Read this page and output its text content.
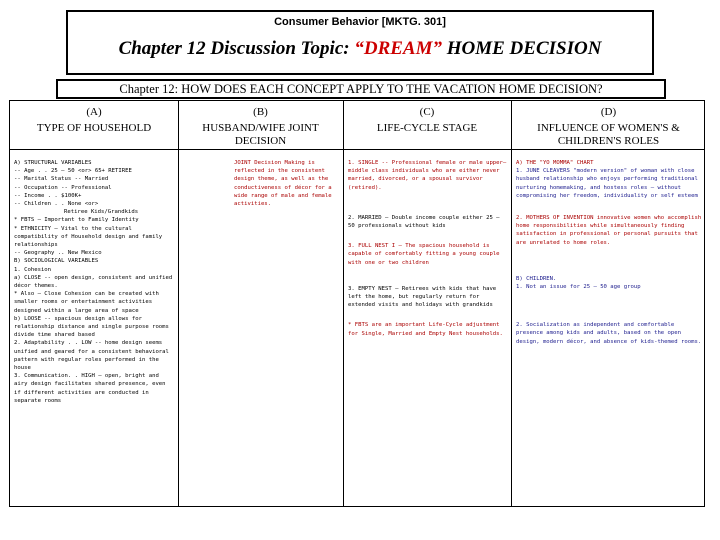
Consumer Behavior [MKTG. 301]
Chapter 12 Discussion Topic: “DREAM” HOME DECISION
Chapter 12: HOW DOES EACH CONCEPT APPLY TO THE VACATION HOME DECISION?
(A)
TYPE OF HOUSEHOLD
(B)
HUSBAND/WIFE JOINT DECISION
(C)
LIFE-CYCLE STAGE
(D)
INFLUENCE OF WOMEN'S & CHILDREN'S ROLES

A) STRUCTURAL VARIABLES

-- Age . . 25 – 50 <or> 65+ RETIREE

-- Marital Status -- Married

-- Occupation -- Professional

-- Income . . $100K+

-- Children . . None <or>

Retiree Kids/Grandkids

* FBTS – Important to Family Identity

* ETHNICITY – Vital to the cultural compatibility of Household design and family relationships

-- Geography .. New Mexico

B) SOCIOLOGICAL VARIABLES

1. Cohesion

a) CLOSE -- open design, consistent and unified décor themes.

* Also – Close Cohesion can be created with smaller rooms or entertainment activities designed within a large area of space

b) LOOSE -- spacious design allows for relationship distance and single purpose rooms divide time shared based

2. Adaptability . . LOW -- home design seems unified and geared for a consistent behavioral pattern with regular roles performed in the house

3. Communication. . HIGH – open, bright and airy design facilitates shared presence, even if different activities are conducted in separate rooms

JOINT Decision Making is reflected in the consistent design theme, as well as the conductiveness of décor for a wide range of male and female activities.

1. SINGLE -- Professional female or male upper–middle class individuals who are either never married, divorced, or a spousal survivor (retired).

2. MARRIED – Double income couple either 25 – 50 professionals without kids

3. FULL NEST I – The spacious household is capable of comfortably fitting a young couple with one or two children

3. EMPTY NEST – Retirees with kids that have left the home, but regularly return for extended visits and holidays with grandkids

* FBTS are an important Life-Cycle adjustment for Single, Married and Empty Nest households.

A) THE "YO MOMMA" CHART

1. JUNE CLEAVERS "modern version" of woman with close husband relationship who enjoys performing traditional nurturing homemaking, and hostess roles – without compromising her freedom, individuality or self esteem

2. MOTHERS OF INVENTION innovative women who accomplish home responsibilities while simultaneously finding satisfaction in professional or personal pursuits that are unrelated to home roles.

B) CHILDREN.

1. Not an issue for 25 – 50 age group

2. Socialization as independent and comfortable presence among kids and adults, based on the open design, modern décor, and absence of kids-themed rooms.
